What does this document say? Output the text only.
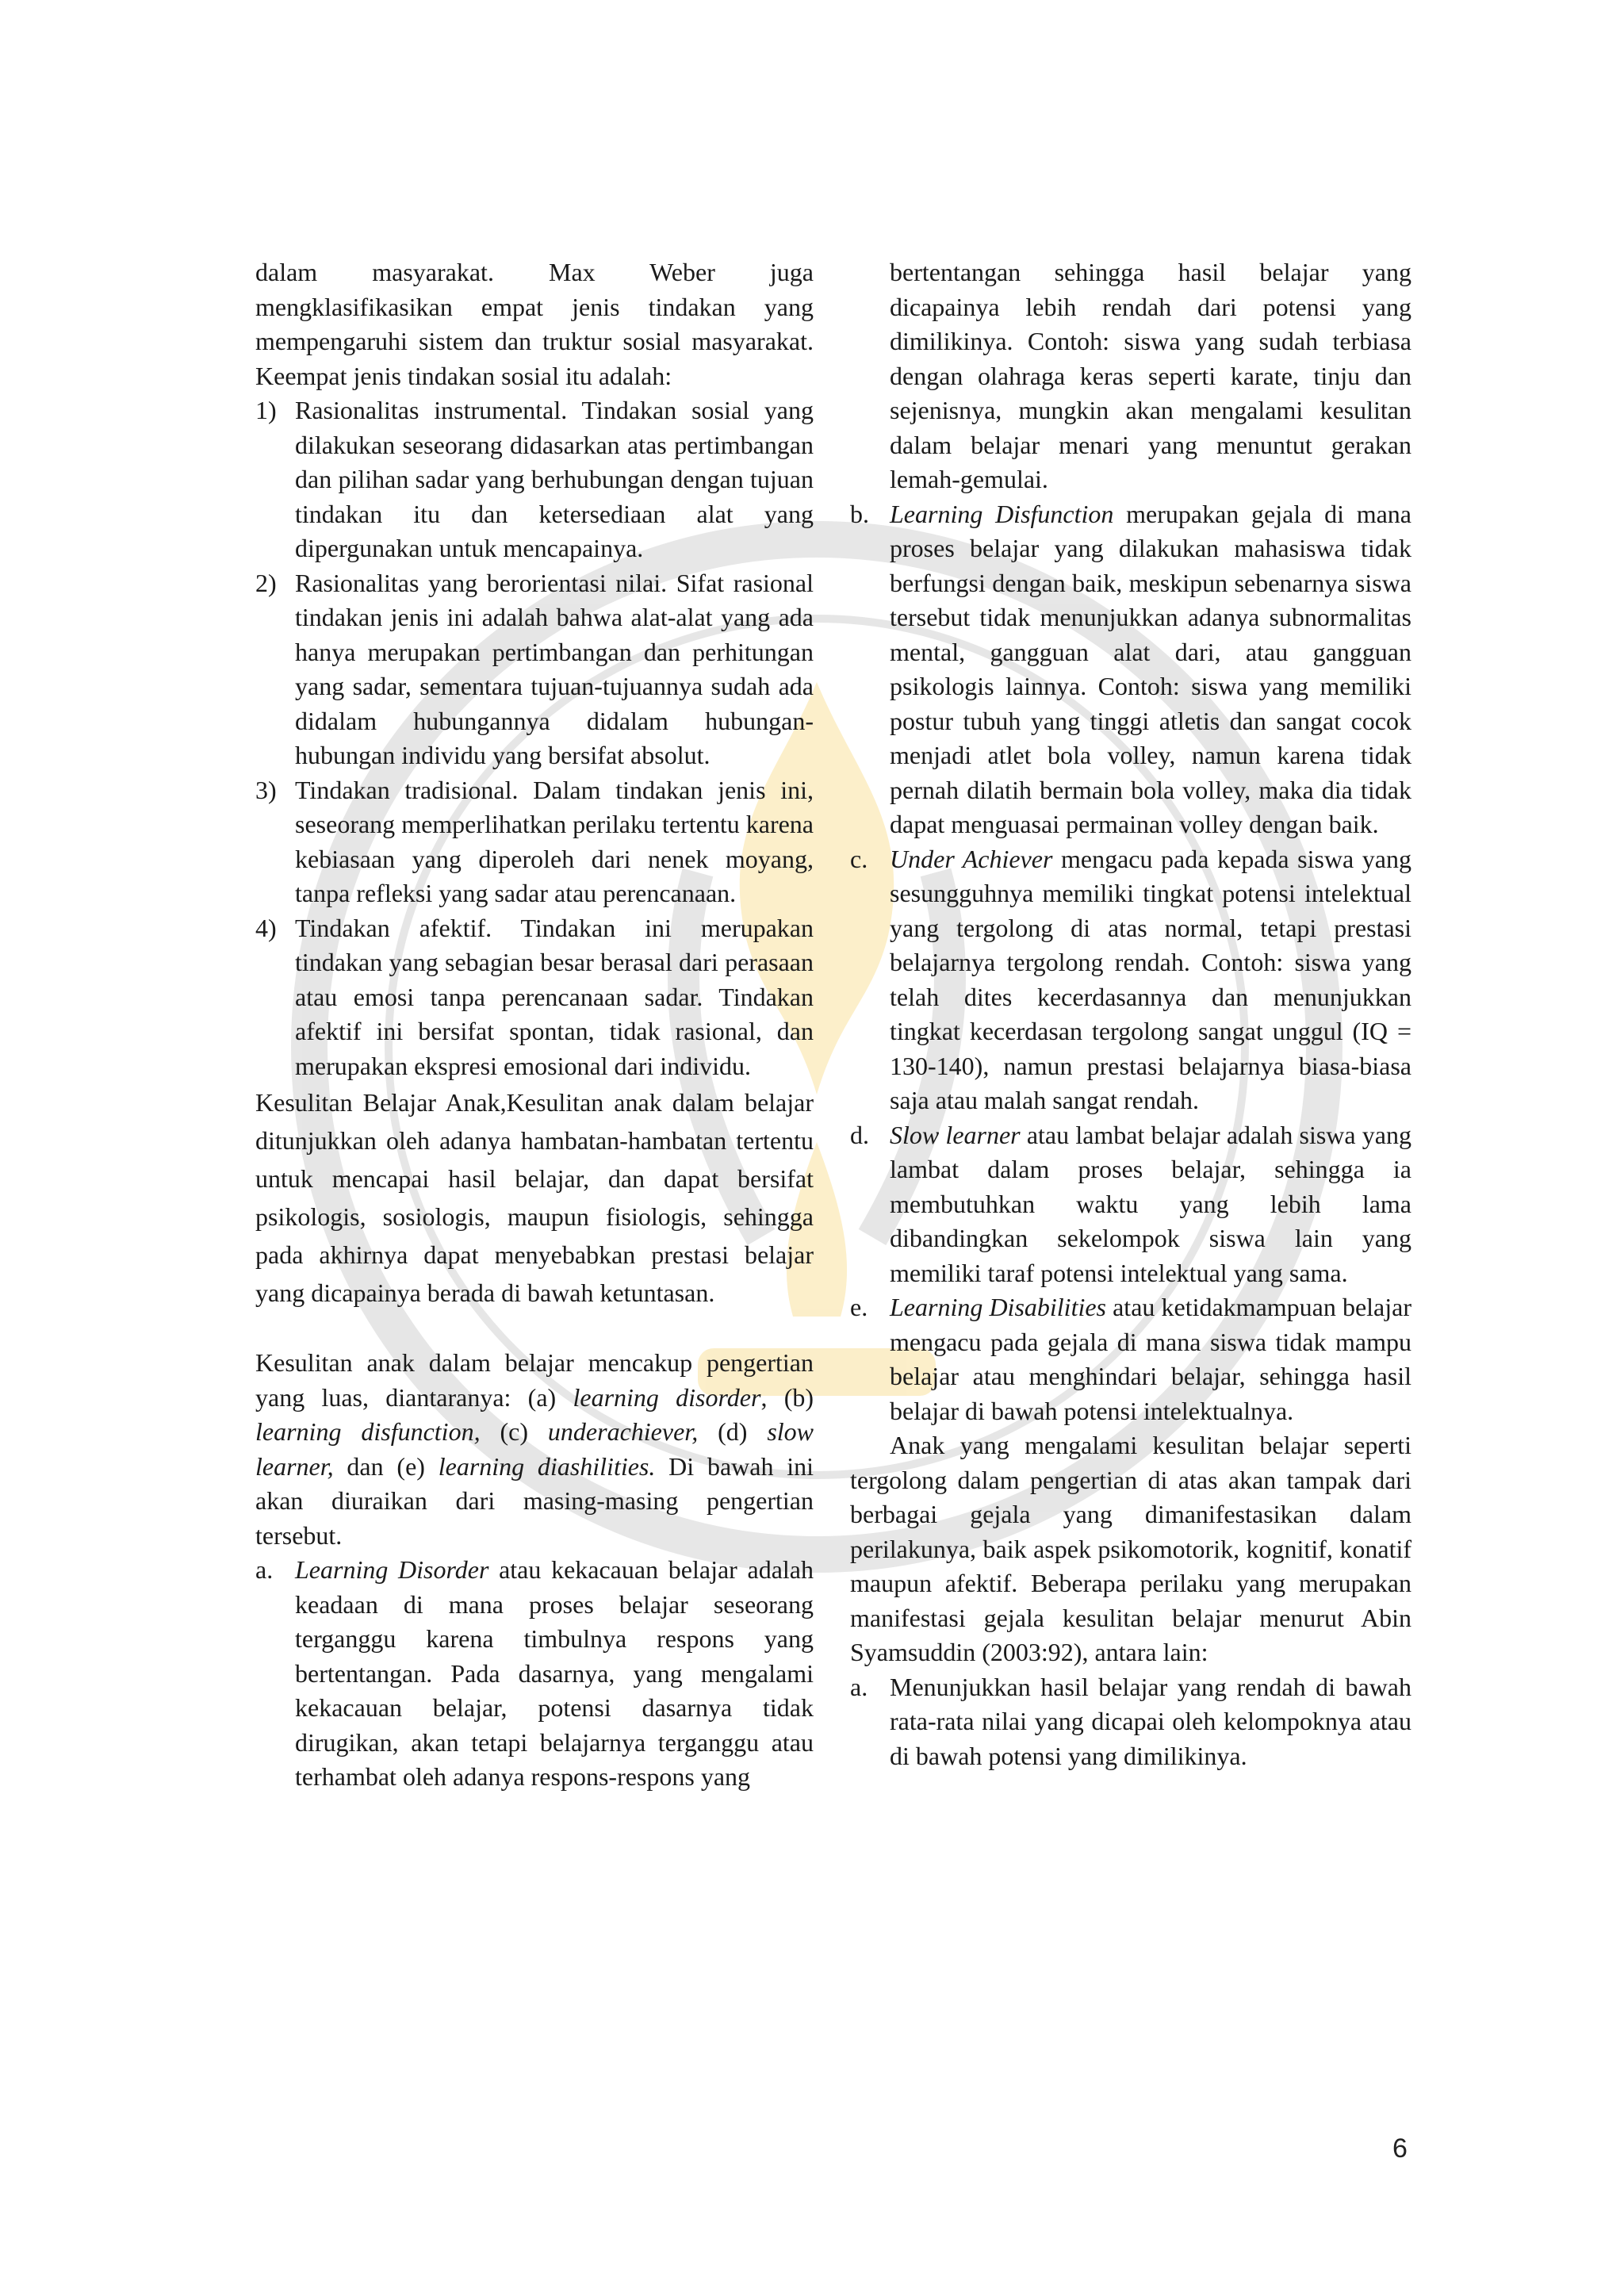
dalam masyarakat. Max Weber juga mengklasifikasikan empat jenis tindakan yang mempengaruhi sistem dan truktur sosial masyarakat. Keempat jenis tindakan sosial itu adalah:

1) Rasionalitas instrumental. Tindakan sosial yang dilakukan seseorang didasarkan atas pertimbangan dan pilihan sadar yang berhubungan dengan tujuan tindakan itu dan ketersediaan alat yang dipergunakan untuk mencapainya.
2) Rasionalitas yang berorientasi nilai. Sifat rasional tindakan jenis ini adalah bahwa alat-alat yang ada hanya merupakan pertimbangan dan perhitungan yang sadar, sementara tujuan-tujuannya sudah ada didalam hubungannya didalam hubungan-hubungan individu yang bersifat absolut.
3) Tindakan tradisional. Dalam tindakan jenis ini, seseorang memperlihatkan perilaku tertentu karena kebiasaan yang diperoleh dari nenek moyang, tanpa refleksi yang sadar atau perencanaan.
4) Tindakan afektif. Tindakan ini merupakan tindakan yang sebagian besar berasal dari perasaan atau emosi tanpa perencanaan sadar. Tindakan afektif ini bersifat spontan, tidak rasional, dan merupakan ekspresi emosional dari individu.

Kesulitan Belajar Anak,Kesulitan anak dalam belajar ditunjukkan oleh adanya hambatan-hambatan tertentu untuk mencapai hasil belajar, dan dapat bersifat psikologis, sosiologis, maupun fisiologis, sehingga pada akhirnya dapat menyebabkan prestasi belajar yang dicapainya berada di bawah ketuntasan.

Kesulitan anak dalam belajar mencakup pengertian yang luas, diantaranya: (a) learning disorder, (b) learning disfunction, (c) underachiever, (d) slow learner, dan (e) learning diashilities. Di bawah ini akan diuraikan dari masing-masing pengertian tersebut.

a. Learning Disorder atau kekacauan belajar adalah keadaan di mana proses belajar seseorang terganggu karena timbulnya respons yang bertentangan. Pada dasarnya, yang mengalami kekacauan belajar, potensi dasarnya tidak dirugikan, akan tetapi belajarnya terganggu atau terhambat oleh adanya respons-respons yang

bertentangan sehingga hasil belajar yang dicapainya lebih rendah dari potensi yang dimilikinya. Contoh: siswa yang sudah terbiasa dengan olahraga keras seperti karate, tinju dan sejenisnya, mungkin akan mengalami kesulitan dalam belajar menari yang menuntut gerakan lemah-gemulai.

b. Learning Disfunction merupakan gejala di mana proses belajar yang dilakukan mahasiswa tidak berfungsi dengan baik, meskipun sebenarnya siswa tersebut tidak menunjukkan adanya subnormalitas mental, gangguan alat dari, atau gangguan psikologis lainnya. Contoh: siswa yang memiliki postur tubuh yang tinggi atletis dan sangat cocok menjadi atlet bola volley, namun karena tidak pernah dilatih bermain bola volley, maka dia tidak dapat menguasai permainan volley dengan baik.
c. Under Achiever mengacu pada kepada siswa yang sesungguhnya memiliki tingkat potensi intelektual yang tergolong di atas normal, tetapi prestasi belajarnya tergolong rendah. Contoh: siswa yang telah dites kecerdasannya dan menunjukkan tingkat kecerdasan tergolong sangat unggul (IQ = 130-140), namun prestasi belajarnya biasa-biasa saja atau malah sangat rendah.
d. Slow learner atau lambat belajar adalah siswa yang lambat dalam proses belajar, sehingga ia membutuhkan waktu yang lebih lama dibandingkan sekelompok siswa lain yang memiliki taraf potensi intelektual yang sama.
e. Learning Disabilities atau ketidakmampuan belajar mengacu pada gejala di mana siswa tidak mampu belajar atau menghindari belajar, sehingga hasil belajar di bawah potensi intelektualnya.

Anak yang mengalami kesulitan belajar seperti tergolong dalam pengertian di atas akan tampak dari berbagai gejala yang dimanifestasikan dalam perilakunya, baik aspek psikomotorik, kognitif, konatif maupun afektif. Beberapa perilaku yang merupakan manifestasi gejala kesulitan belajar menurut Abin Syamsuddin (2003:92), antara lain:

a. Menunjukkan hasil belajar yang rendah di bawah rata-rata nilai yang dicapai oleh kelompoknya atau di bawah potensi yang dimilikinya.
6
